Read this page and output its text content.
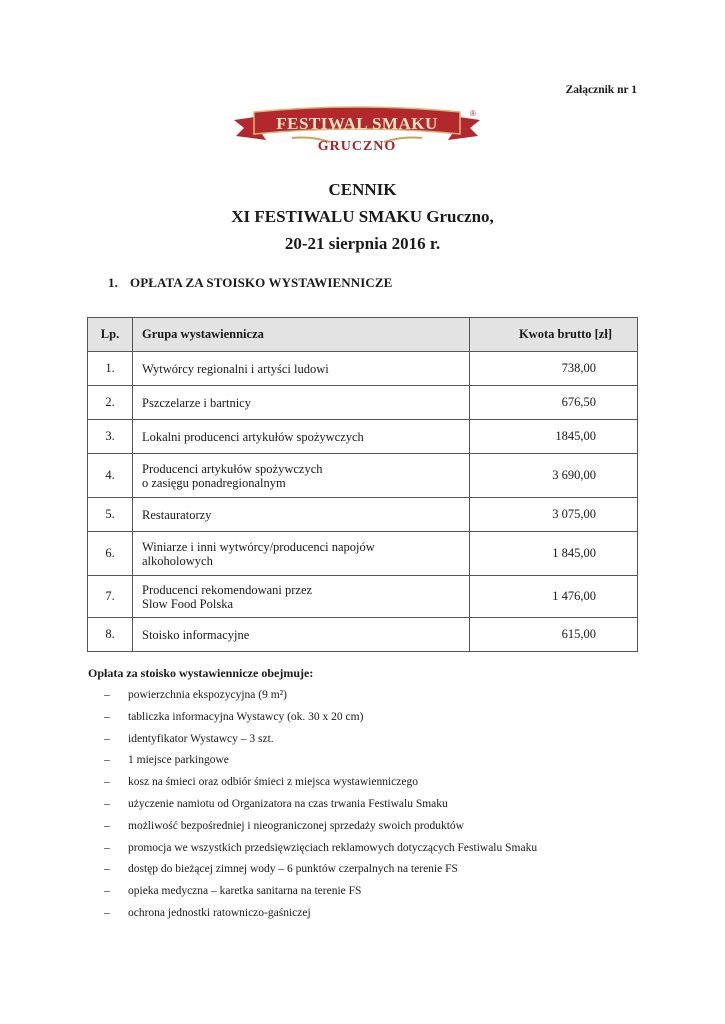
Załącznik nr 1
FESTIWAL SMAKU
®
GRUCZNO
CENNIK
XI FESTIWALU SMAKU Gruczno,
20-21 sierpnia 2016 r.
1. OPŁATA ZA STOISKO WYSTAWIENNICZE
Lp.	Grupa wystawiennicza	Kwota brutto [zł]
1.	Wytwórcy regionalni i artyści ludowi	738,00
2.	Pszczelarze i bartnicy	676,50
3.	Lokalni producenci artykułów spożywczych	1845,00
4.	Producenci artykułów spożywczych
o zasięgu ponadregionalnym	3 690,00
5.	Restauratorzy	3 075,00
6.	Winiarze i inni wytwórcy/producenci napojów
alkoholowych	1 845,00
7.	Producenci rekomendowani przez
Slow Food Polska	1 476,00
8.	Stoisko informacyjne	615,00
Opłata za stoisko wystawiennicze obejmuje:
– powierzchnia ekspozycyjna (9 m²)
– tabliczka informacyjna Wystawcy (ok. 30 x 20 cm)
– identyfikator Wystawcy – 3 szt.
– 1 miejsce parkingowe
– kosz na śmieci oraz odbiór śmieci z miejsca wystawienniczego
– użyczenie namiotu od Organizatora na czas trwania Festiwalu Smaku
– możliwość bezpośredniej i nieograniczonej sprzedaży swoich produktów
– promocja we wszystkich przedsięwzięciach reklamowych dotyczących Festiwalu Smaku
– dostęp do bieżącej zimnej wody – 6 punktów czerpalnych na terenie FS
– opieka medyczna – karetka sanitarna na terenie FS
– ochrona jednostki ratowniczo-gaśniczej
